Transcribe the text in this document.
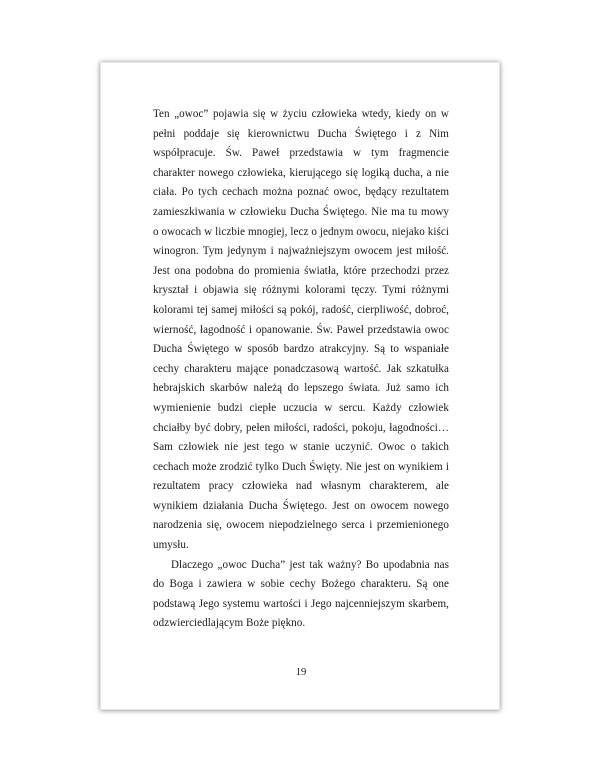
Ten „owoc” pojawia się w życiu człowieka wtedy, kiedy on w pełni poddaje się kierownictwu Ducha Świętego i z Nim współpracuje. Św. Paweł przedstawia w tym fragmencie charakter nowego człowieka, kierującego się logiką ducha, a nie ciała. Po tych cechach można poznać owoc, będący rezultatem zamieszkiwania w człowieku Ducha Świętego. Nie ma tu mowy o owocach w liczbie mnogiej, lecz o jednym owocu, niejako kiści winogron. Tym jedynym i najważniejszym owocem jest miłość. Jest ona podobna do promienia światła, które przechodzi przez kryształ i objawia się różnymi kolorami tęczy. Tymi różnymi kolorami tej samej miłości są pokój, radość, cierpliwość, dobroć, wierność, łagodność i opanowanie. Św. Paweł przedstawia owoc Ducha Świętego w sposób bardzo atrakcyjny. Są to wspaniałe cechy charakteru mające ponadczasową wartość. Jak szkatułka hebrajskich skarbów należą do lepszego świata. Już samo ich wymienienie budzi ciepłe uczucia w sercu. Każdy człowiek chciałby być dobry, pełen miłości, radości, pokoju, łagodności… Sam człowiek nie jest tego w stanie uczynić. Owoc o takich cechach może zrodzić tylko Duch Święty. Nie jest on wynikiem i rezultatem pracy człowieka nad własnym charakterem, ale wynikiem działania Ducha Świętego. Jest on owocem nowego narodzenia się, owocem niepodzielnego serca i przemienionego umysłu.

Dlaczego „owoc Ducha” jest tak ważny? Bo upodabnia nas do Boga i zawiera w sobie cechy Bożego charakteru. Są one podstawą Jego systemu wartości i Jego najcenniejszym skarbem, odzwierciedlającym Boże piękno.

19
